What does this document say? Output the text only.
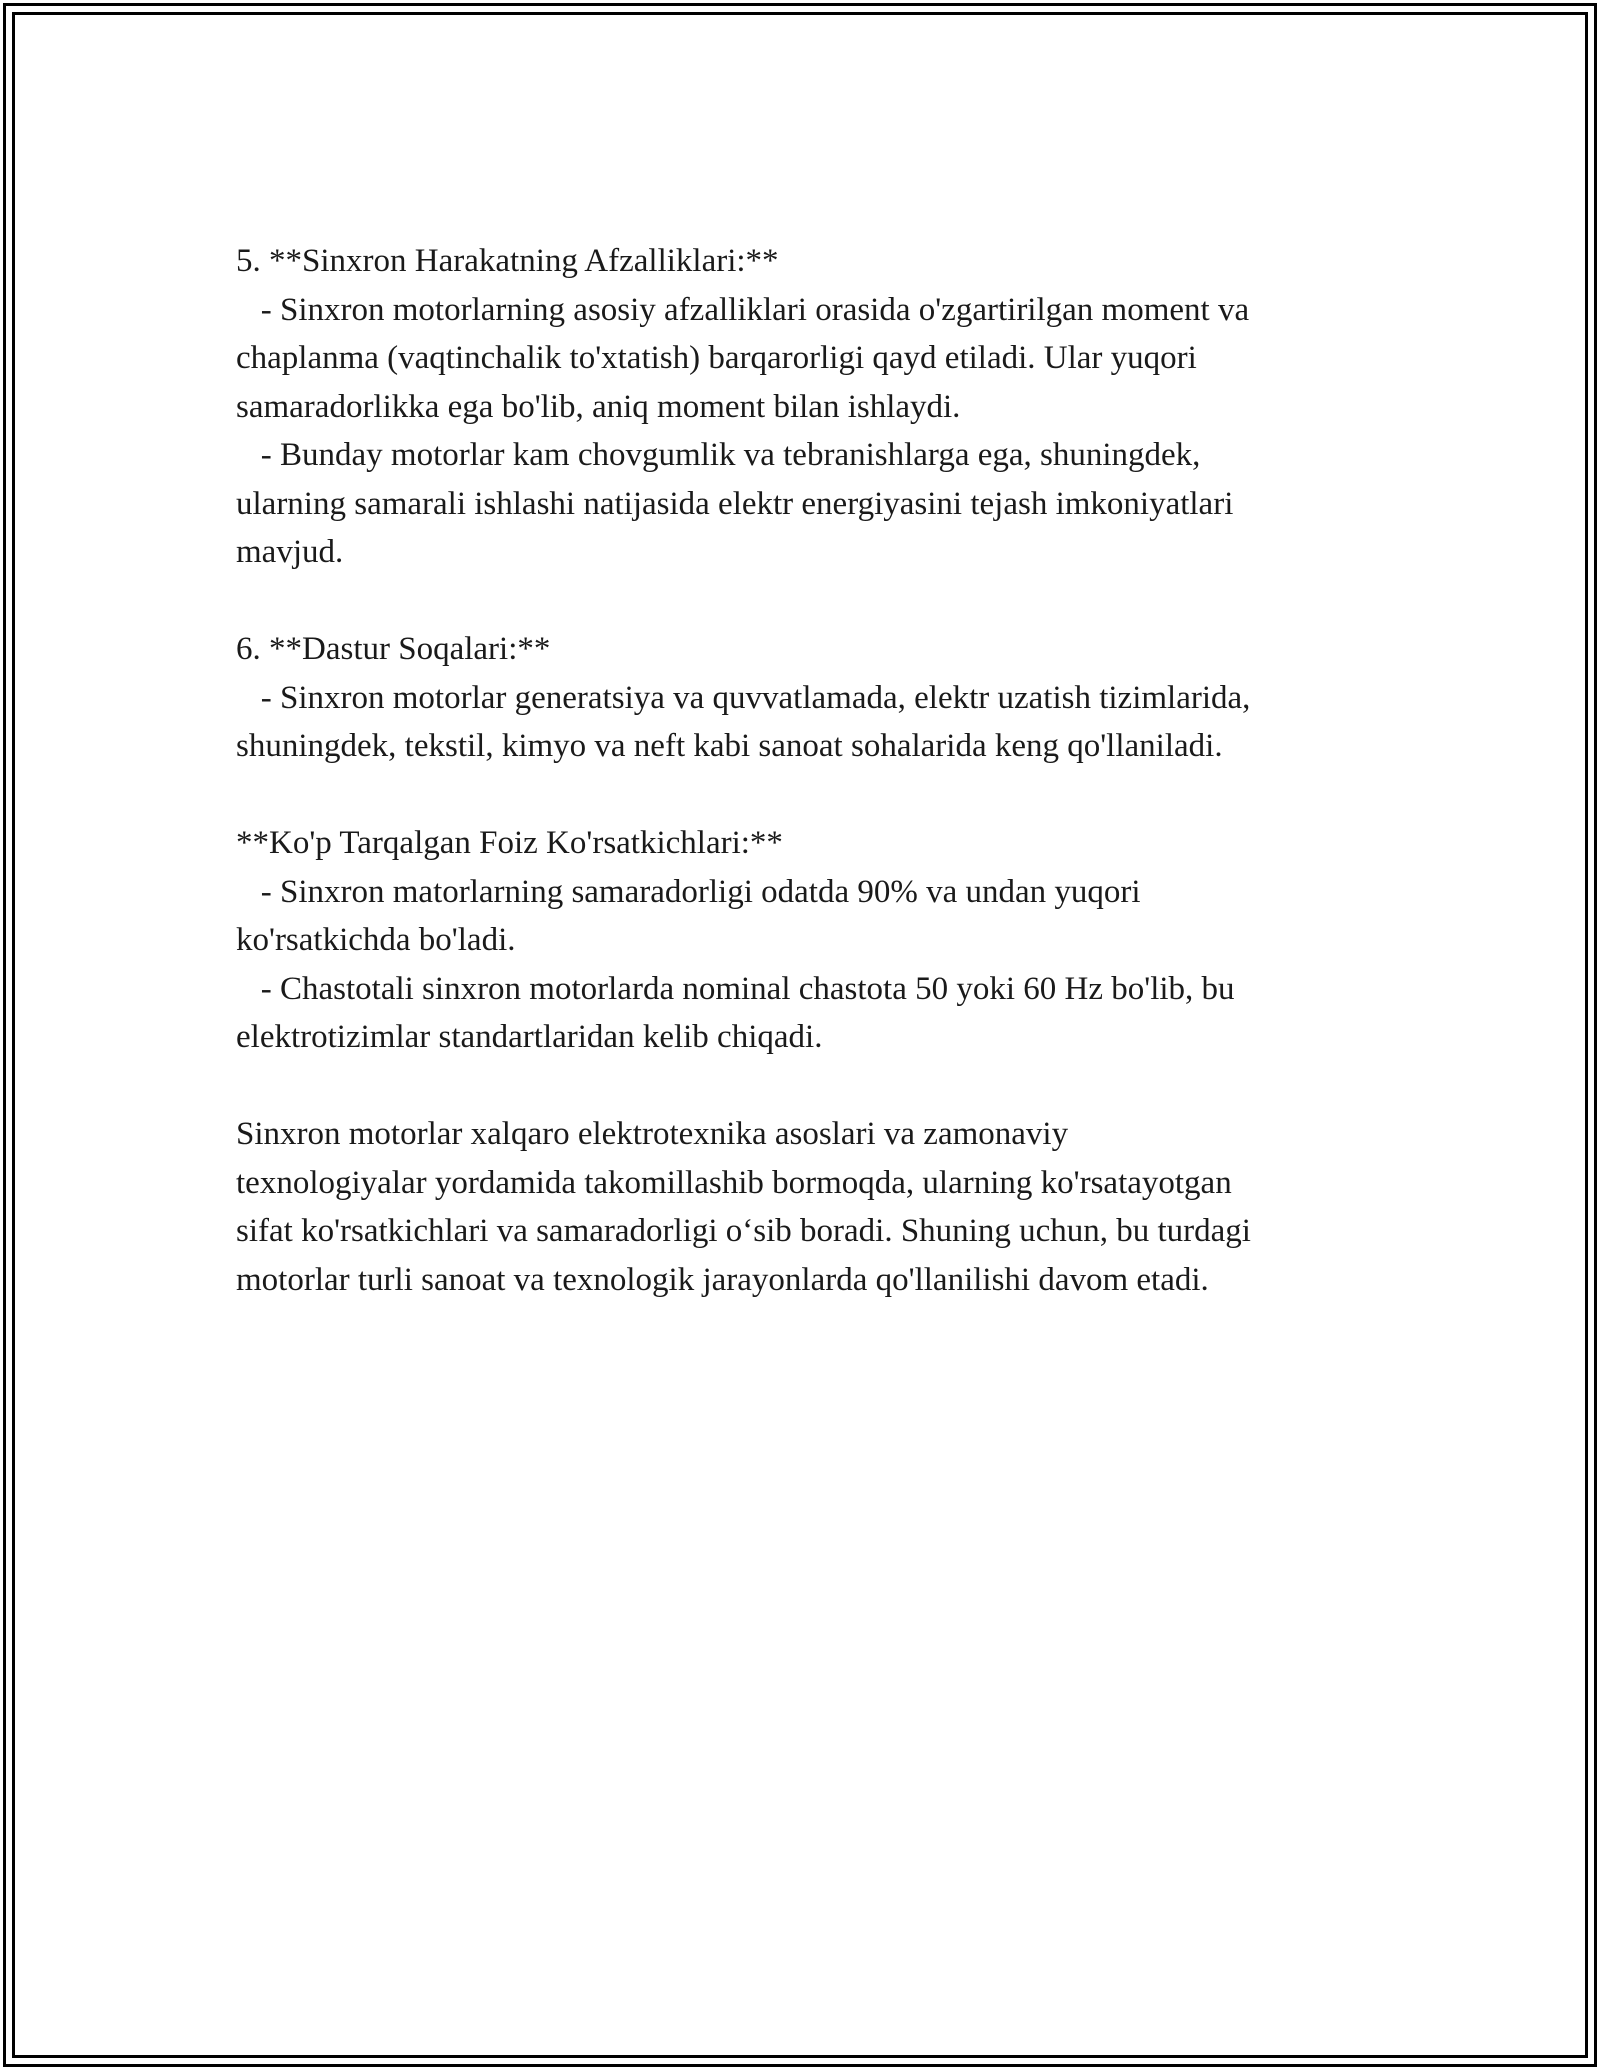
5. **Sinxron Harakatning Afzalliklari:**

- Sinxron motorlarning asosiy afzalliklari orasida o'zgartirilgan moment va

chaplanma (vaqtinchalik to'xtatish) barqarorligi qayd etiladi. Ular yuqori

samaradorlikka ega bo'lib, aniq moment bilan ishlaydi.

- Bunday motorlar kam chovgumlik va tebranishlarga ega, shuningdek,

ularning samarali ishlashi natijasida elektr energiyasini tejash imkoniyatlari

mavjud.

6. **Dastur Soqalari:**

- Sinxron motorlar generatsiya va quvvatlamada, elektr uzatish tizimlarida,

shuningdek, tekstil, kimyo va neft kabi sanoat sohalarida keng qo'llaniladi.

**Ko'p Tarqalgan Foiz Ko'rsatkichlari:**

- Sinxron matorlarning samaradorligi odatda 90% va undan yuqori

ko'rsatkichda bo'ladi.

- Chastotali sinxron motorlarda nominal chastota 50 yoki 60 Hz bo'lib, bu

elektrotizimlar standartlaridan kelib chiqadi.

Sinxron motorlar xalqaro elektrotexnika asoslari va zamonaviy

texnologiyalar yordamida takomillashib bormoqda, ularning ko'rsatayotgan

sifat ko'rsatkichlari va samaradorligi o‘sib boradi. Shuning uchun, bu turdagi

motorlar turli sanoat va texnologik jarayonlarda qo'llanilishi davom etadi.
